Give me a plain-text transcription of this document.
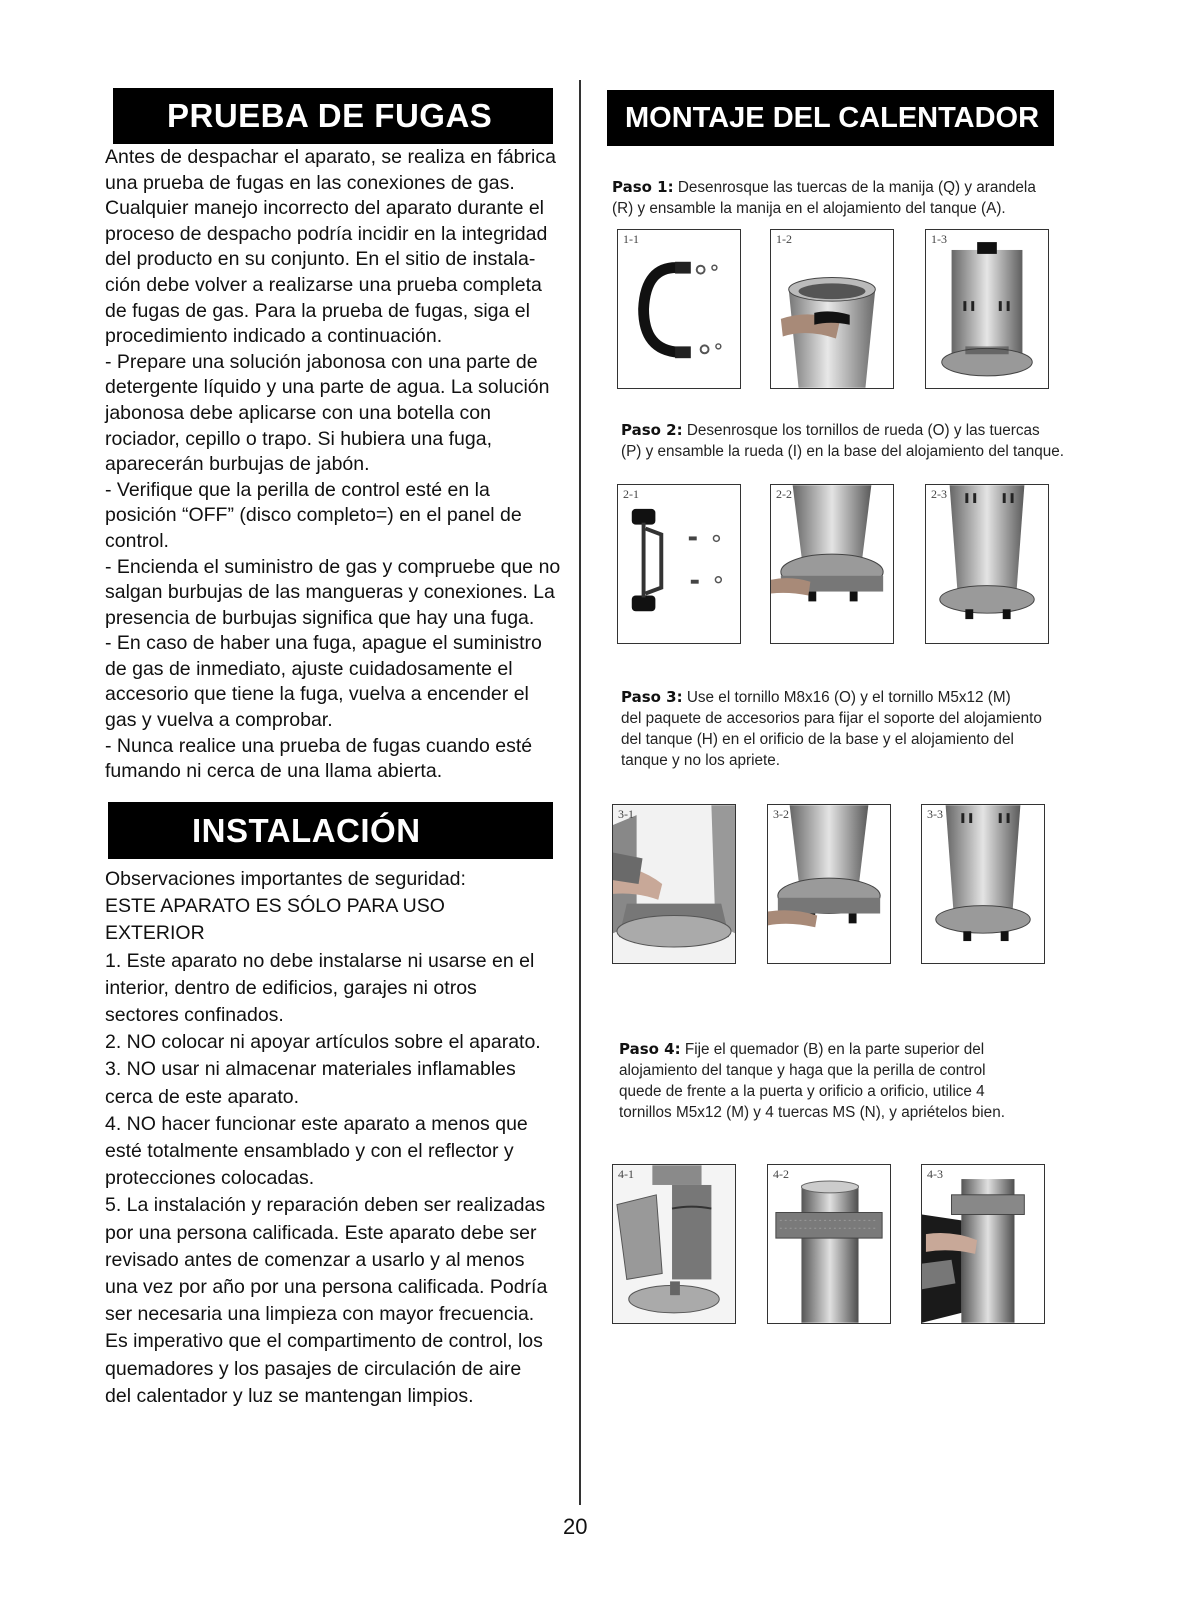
PRUEBA DE FUGAS

Antes de despachar el aparato, se realiza en fábrica

una prueba de fugas en las conexiones de gas.

Cualquier manejo incorrecto del aparato durante el

proceso de despacho podría incidir en la integridad

del producto en su conjunto. En el sitio de instala-

ción debe volver a realizarse una prueba completa

de fugas de gas. Para la prueba de fugas, siga el

procedimiento indicado a continuación.

- Prepare una solución jabonosa con una parte de

detergente líquido y una parte de agua. La solución

jabonosa debe aplicarse con una botella con

rociador, cepillo o trapo. Si hubiera una fuga,

aparecerán burbujas de jabón.

- Verifique que la perilla de control esté en la

posición “OFF” (disco completo=) en el panel de

control.

- Encienda el suministro de gas y compruebe que no

salgan burbujas de las mangueras y conexiones. La

presencia de burbujas significa que hay una fuga.

- En caso de haber una fuga, apague el suministro

de gas de inmediato, ajuste cuidadosamente el

accesorio que tiene la fuga, vuelva a encender el

gas y vuelva a comprobar.

- Nunca realice una prueba de fugas cuando esté

fumando ni cerca de una llama abierta.

INSTALACIÓN

Observaciones importantes de seguridad:

ESTE APARATO ES SÓLO PARA USO

EXTERIOR

1. Este aparato no debe instalarse ni usarse en el

interior, dentro de edificios, garajes ni otros

sectores confinados.

2. NO colocar ni apoyar artículos sobre el aparato.

3. NO usar ni almacenar materiales inflamables

cerca de este aparato.

4. NO hacer funcionar este aparato a menos que

esté totalmente ensamblado y con el reflector y

protecciones colocadas.

5. La instalación y reparación deben ser realizadas

por una persona calificada. Este aparato debe ser

revisado antes de comenzar a usarlo y al menos

una vez por año por una persona calificada. Podría

ser necesaria una limpieza con mayor frecuencia.

Es imperativo que el compartimento de control, los

quemadores y los pasajes de circulación de aire

del calentador y luz se mantengan limpios.

MONTAJE DEL CALENTADOR
Paso 1: Desenrosque las tuercas de la manija (Q) y arandela
(R) y ensamble la manija en el alojamiento del tanque (A).
1-1	1-2	1-3
Paso 2: Desenrosque los tornillos de rueda (O) y las tuercas
(P) y ensamble la rueda (I) en la base del alojamiento del tanque.
2-1	2-2	2-3
Paso 3: Use el tornillo M8x16 (O) y el tornillo M5x12 (M)
del paquete de accesorios para fijar el soporte del alojamiento
del tanque (H) en el orificio de la base y el alojamiento del
tanque y no los apriete.
3-1	3-2	3-3
Paso 4: Fije el quemador (B) en la parte superior del
alojamiento del tanque y haga que la perilla de control
quede de frente a la puerta y orificio a orificio, utilice 4
tornillos M5x12 (M) y 4 tuercas MS (N), y apriételos bien.
4-1	4-2	4-3
20
